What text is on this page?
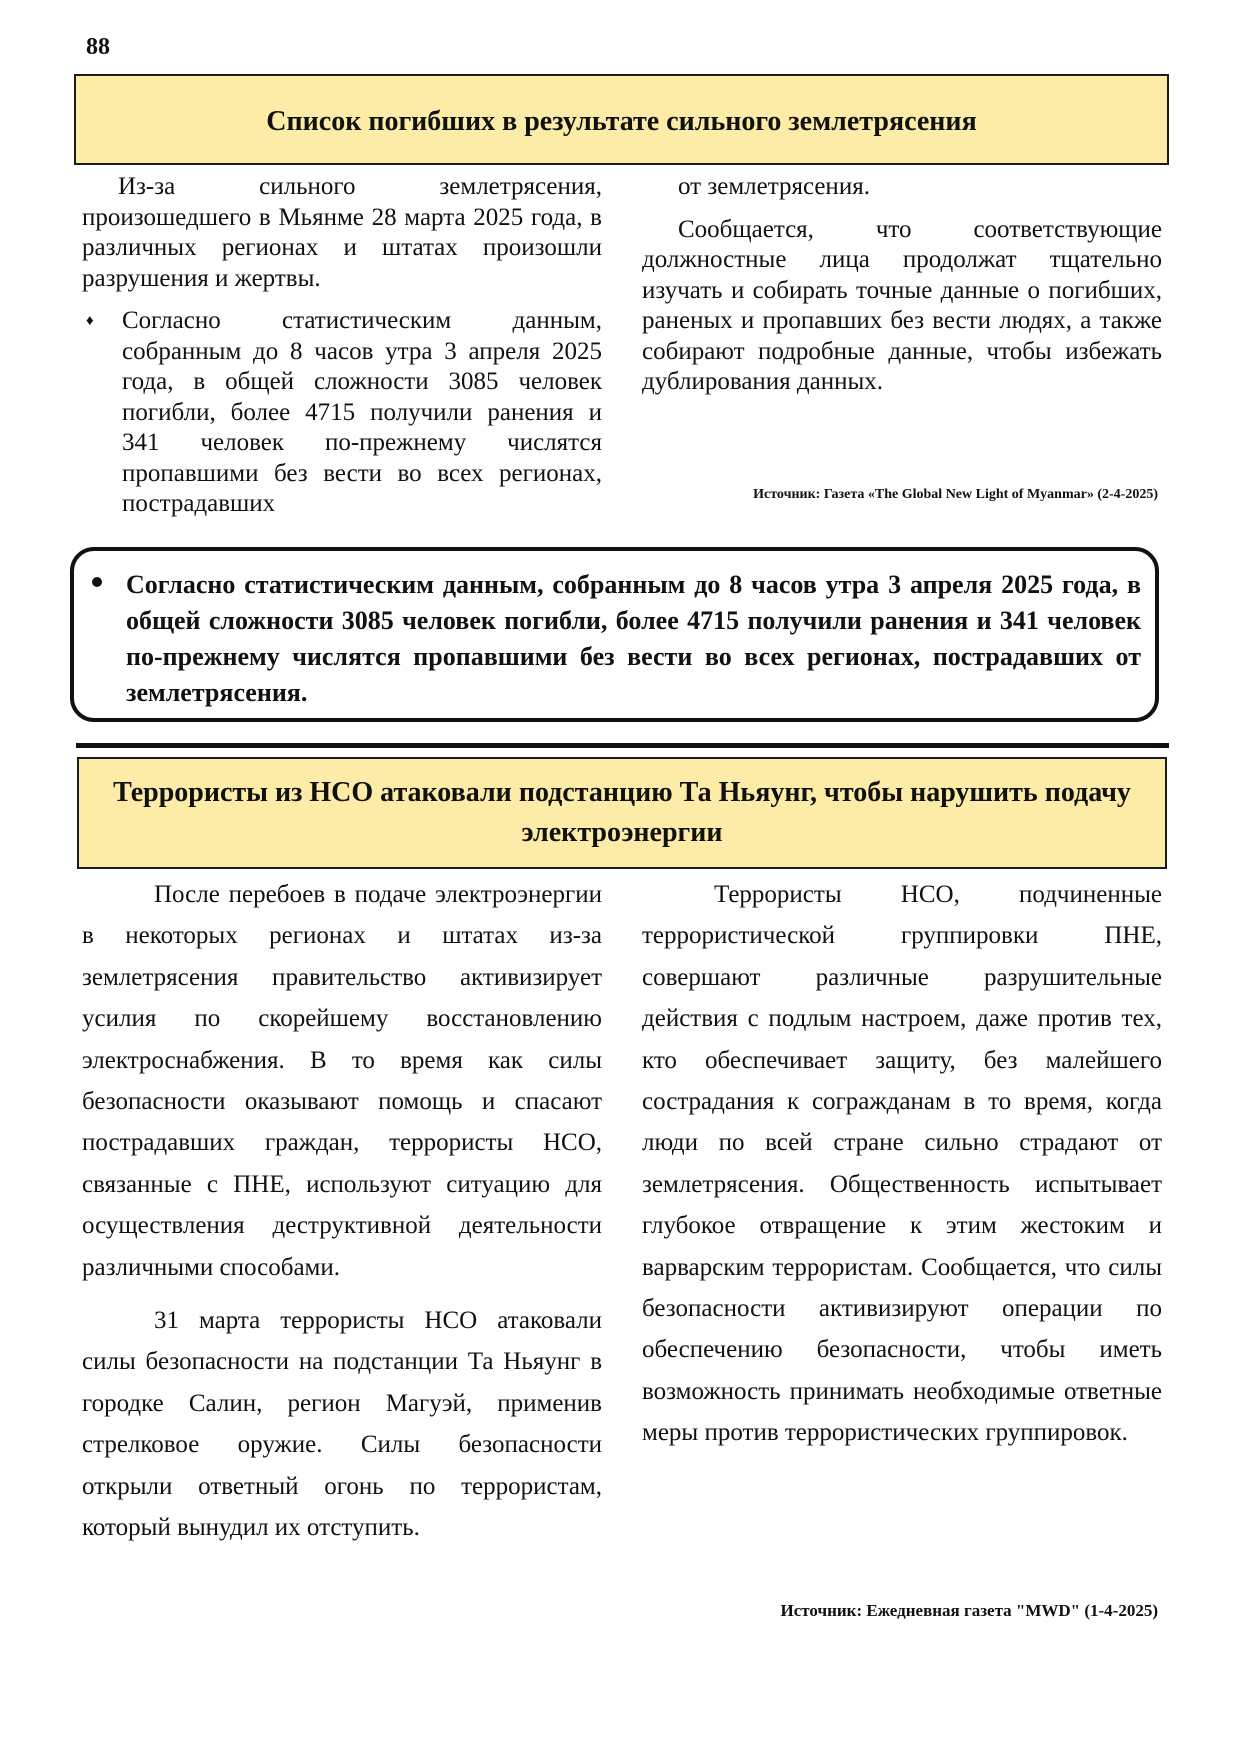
88
Список погибших в результате сильного землетрясения

Из-за сильного землетрясения, произошедшего в Мьянме 28 марта 2025 года, в различных регионах и штатах произошли разрушения и жертвы.

♦ Согласно статистическим данным, собранным до 8 часов утра 3 апреля 2025 года, в общей сложности 3085 человек погибли, более 4715 получили ранения и 341 человек по-прежнему числятся пропавшими без вести во всех регионах, пострадавших

от землетрясения.

Сообщается, что соответствующие должностные лица продолжат тщательно изучать и собирать точные данные о погибших, раненых и пропавших без вести людях, а также собирают подробные данные, чтобы избежать дублирования данных.

Источник: Газета «The Global New Light of Myanmar» (2-4-2025)
Согласно статистическим данным, собранным до 8 часов утра 3 апреля 2025 года, в общей сложности 3085 человек погибли, более 4715 получили ранения и 341 человек по-прежнему числятся пропавшими без вести во всех регионах, пострадавших от землетрясения.
Террористы из НСО атаковали подстанцию Та Ньяунг, чтобы нарушить подачу электроэнергии

После перебоев в подаче электроэнергии в некоторых регионах и штатах из-за землетрясения правительство активизирует усилия по скорейшему восстановлению электроснабжения. В то время как силы безопасности оказывают помощь и спасают пострадавших граждан, террористы НСО, связанные с ПНЕ, используют ситуацию для осуществления деструктивной деятельности различными способами.

31 марта террористы НСО атаковали силы безопасности на подстанции Та Ньяунг в городке Салин, регион Магуэй, применив стрелковое оружие. Силы безопасности открыли ответный огонь по террористам, который вынудил их отступить.

Террористы НСО, подчиненные террористической группировки ПНЕ, совершают различные разрушительные действия с подлым настроем, даже против тех, кто обеспечивает защиту, без малейшего сострадания к согражданам в то время, когда люди по всей стране сильно страдают от землетрясения. Общественность испытывает глубокое отвращение к этим жестоким и варварским террористам. Сообщается, что силы безопасности активизируют операции по обеспечению безопасности, чтобы иметь возможность принимать необходимые ответные меры против террористических группировок.

Источник: Ежедневная газета "MWD" (1-4-2025)
